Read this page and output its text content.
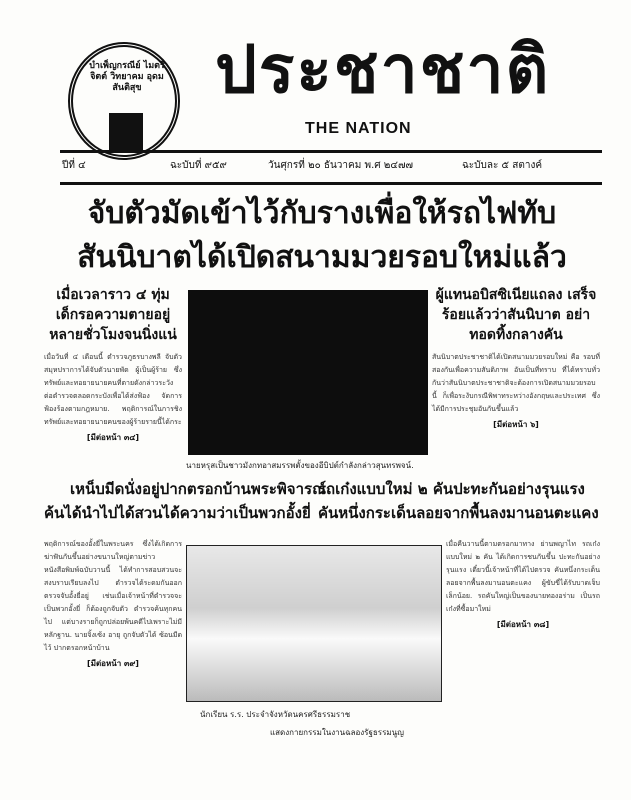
บำเพ็ญกรณีย์ ไมตรีจิตต์ วิทยาคม อุดมสันติสุข	ประชาชาติ
THE NATION
ปีที่ ๔	ฉะบับที่ ๙๕๙	วันศุกรที่ ๒๐ ธันวาคม พ.ศ ๒๔๗๗	ฉะบับละ ๕ สตางค์
จับตัวมัดเข้าไว้กับรางเพื่อให้รถไฟทับ
สันนิบาตได้เปิดสนามมวยรอบใหม่แล้ว
เมื่อเวลาราว ๔ ทุ่ม เด็กรอความตายอยู่ หลายชั่วโมงจนนิ่งแน่
เมื่อวันที่ ๔ เดือนนี้ ตำรวจภูธรบางพลี จับตัวสมุหปราการได้จับตัวนายพัด ผู้เป็นผู้ร้าย ซึ่งทรัพย์และทอยายนายคนที่ตายดังกล่าวระวัง ต่อตำรวจตลอดกระบังเพื่อได้ส่งฟ้อง จัดการฟ้องร้องตามกฎหมาย. พฤติการณ์ในการชิงทรัพย์และทอยายนายคนของผู้ร้ายรายนี้ได้กระ
[มีต่อหน้า ๓๔]
นายหรุสเป็นชาวมังกทอาสมรรพตั้งของอีบิปต์กำลังกล่าวสุนทรพจน์.
ผู้แทนอบิสซิเนียแถลง เสร็จร้อยแล้วว่าสันนิบาต อย่าทอดทิ้งกลางคัน
สันนิบาตประชาชาติได้เปิดสนามมวยรอบใหม่ คือ รอบที่สองกันเพื่อความสันติภาพ อันเป็นที่ทราบ ที่ได้ทราบทั่วกันว่าสันนิบาตประชาชาติจะต้องการเปิดสนามมวยรอบนี้ ก็เพื่อระงับกรณีพิพาทระหว่างอังกฤษและประเทศ ซึ่งได้มีการประชุมอันกันขึ้นแล้ว
[มีต่อหน้า ๖]
เหน็บมีดนั่งอยู่ปากตรอกบ้านพระพิจารณ์
ค้นได้นำไปได้สวนได้ความว่าเป็นพวกอั้งยี่
รถเก๋งแบบใหม่ ๒ คันปะทะกันอย่างรุนแรง
คันหนึ่งกระเด็นลอยจากพื้นลงมานอนตะแคง
พฤติการณ์ของอั้งยี่ในพระนคร ซึ่งได้เกิดการฆ่าฟันกันขึ้นอย่างขนานใหญ่ตามข่าวหนังสือพิมพ์ฉบับวานนี้ ได้ทำการสอบสวนจะสงบราบเรียบลงไป ตำรวจได้ระดมกันออกตรวจจับอั้งยี่อยู่ เช่นเมื่อเจ้าหน้าที่ตำรวจจะเป็นพวกอั้งยี่ ก็ต้องถูกจับตัว ตำรวจค้นทุกคนไป แต่บางรายก็ถูกปล่อยพ้นคดีไปเพราะไม่มีหลักฐาน. นายจิ้งเซ้ง อายุ ถูกจับตัวได้ ซ้อนมีดไว้ ปากตรอกหน้าบ้าน
[มีต่อหน้า ๓๙]
นักเรียน ร.ร. ประจำจังหวัดนครศรีธรรมราช
แสดงกายกรรมในงานฉลองรัฐธรรมนูญ
เมื่อคืนวานนี้ตามตรอกมาทาง ย่านพญาไท รถเก๋งแบบใหม่ ๒ คัน ได้เกิดการชนกันขึ้น ปะทะกันอย่างรุนแรง เดี๋ยวนี้เจ้าหน้าที่ได้ไปตรวจ คันหนึ่งกระเด็นลอยจากพื้นลงมานอนตะแคง ผู้ขับขี่ได้รับบาดเจ็บเล็กน้อย. รถคันใหญ่เป็นของนายทองอร่าม เป็นรถเก๋งที่ซื้อมาใหม่
[มีต่อหน้า ๓๘]
